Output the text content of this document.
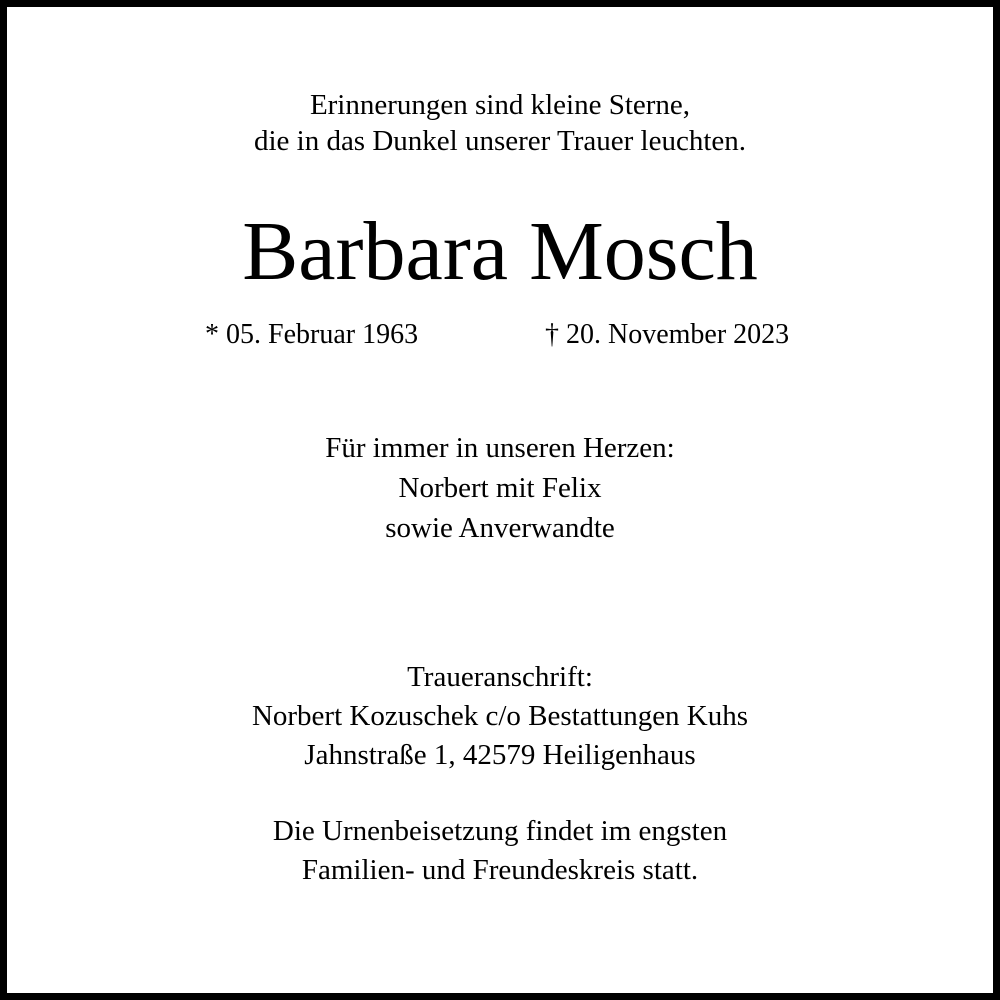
Erinnerungen sind kleine Sterne,
die in das Dunkel unserer Trauer leuchten.
Barbara Mosch
* 05. Februar 1963	† 20. November 2023
Für immer in unseren Herzen:
Norbert mit Felix
sowie Anverwandte
Traueranschrift:
Norbert Kozuschek c/o Bestattungen Kuhs
Jahnstraße 1, 42579 Heiligenhaus
Die Urnenbeisetzung findet im engsten
Familien- und Freundeskreis statt.
